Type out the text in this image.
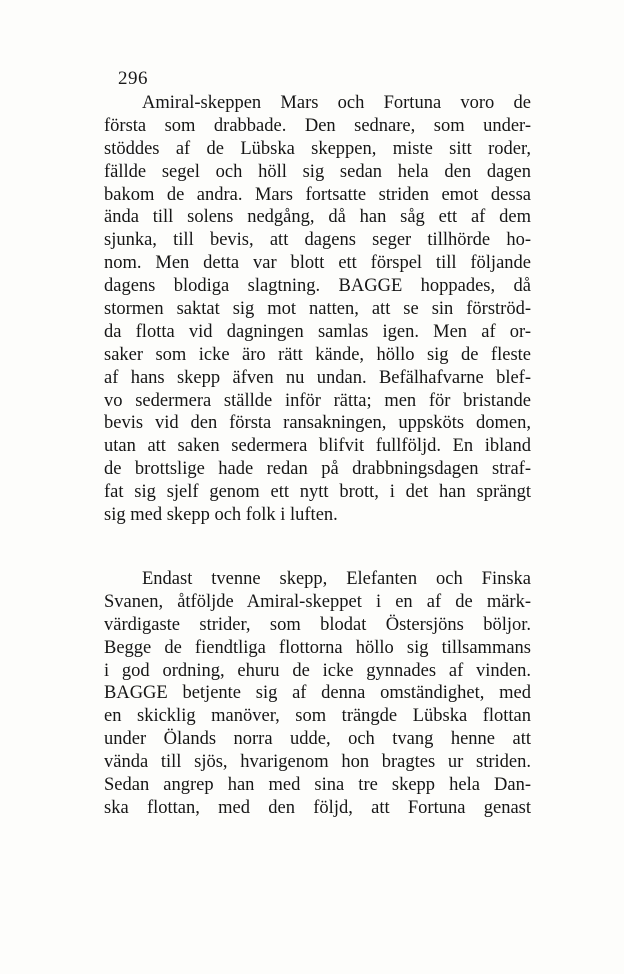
296
Amiral-skeppen Mars och Fortuna voro de
första som drabbade. Den sednare, som under-
stöddes af de Lübska skeppen, miste sitt roder,
fällde segel och höll sig sedan hela den dagen
bakom de andra. Mars fortsatte striden emot dessa
ända till solens nedgång, då han såg ett af dem
sjunka, till bevis, att dagens seger tillhörde ho-
nom. Men detta var blott ett förspel till följande
dagens blodiga slagtning. BAGGE hoppades, då
stormen saktat sig mot natten, att se sin förströd-
da flotta vid dagningen samlas igen. Men af or-
saker som icke äro rätt kände, höllo sig de fleste
af hans skepp äfven nu undan. Befälhafvarne blef-
vo sedermera ställde inför rätta; men för bristande
bevis vid den första ransakningen, uppsköts domen,
utan att saken sedermera blifvit fullföljd. En ibland
de brottslige hade redan på drabbningsdagen straf-
fat sig sjelf genom ett nytt brott, i det han sprängt
sig med skepp och folk i luften.
Endast tvenne skepp, Elefanten och Finska
Svanen, åtföljde Amiral-skeppet i en af de märk-
värdigaste strider, som blodat Östersjöns böljor.
Begge de fiendtliga flottorna höllo sig tillsammans
i god ordning, ehuru de icke gynnades af vinden.
BAGGE betjente sig af denna omständighet, med
en skicklig manöver, som trängde Lübska flottan
under Ölands norra udde, och tvang henne att
vända till sjös, hvarigenom hon bragtes ur striden.
Sedan angrep han med sina tre skepp hela Dan-
ska flottan, med den följd, att Fortuna genast
